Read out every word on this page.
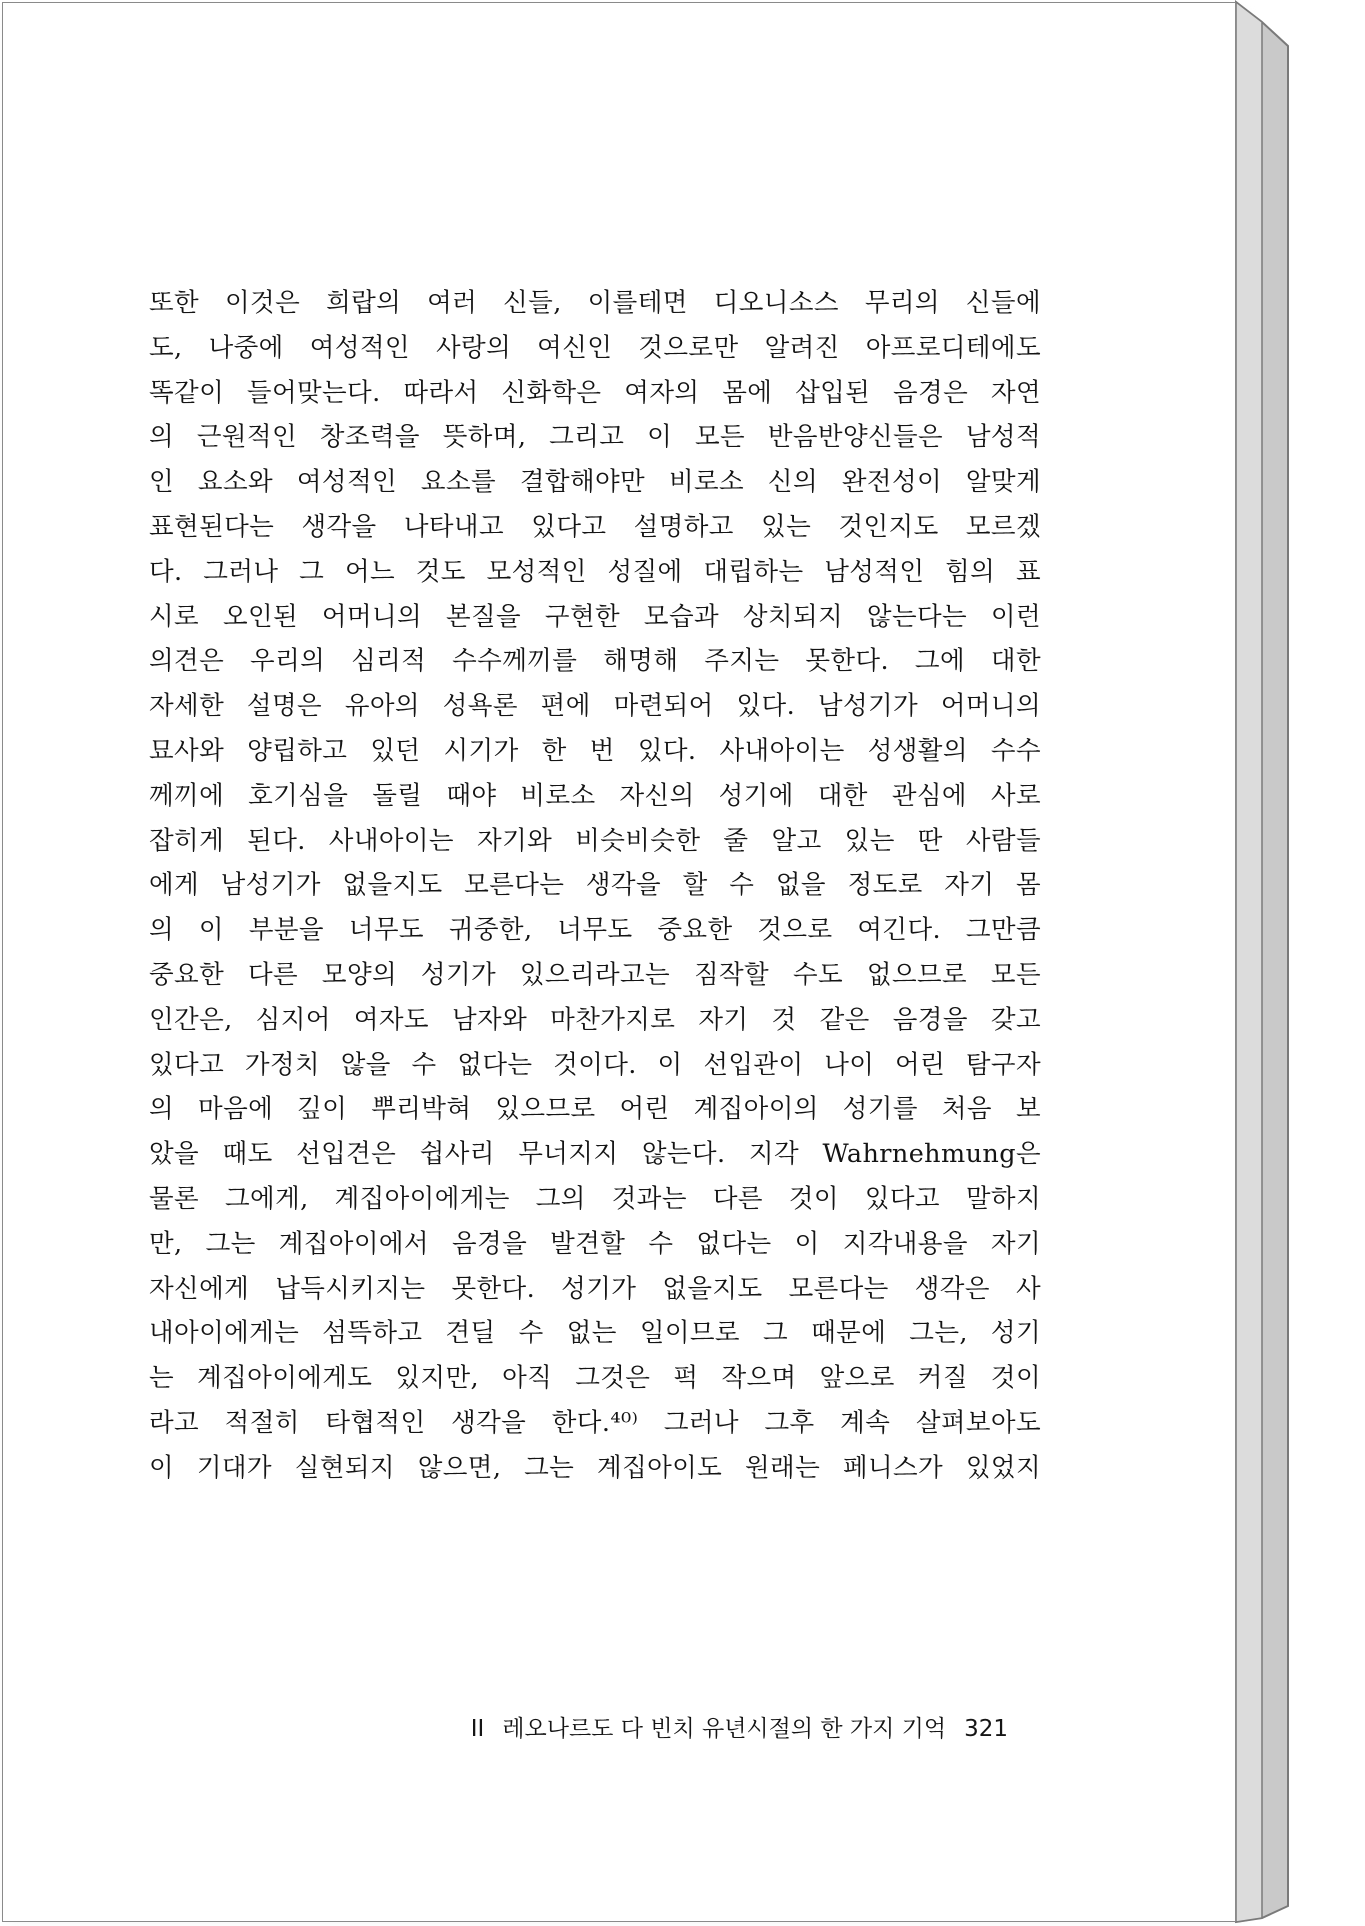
또한 이것은 희랍의 여러 신들, 이를테면 디오니소스 무리의 신들에
도, 나중에 여성적인 사랑의 여신인 것으로만 알려진 아프로디테에도
똑같이 들어맞는다. 따라서 신화학은 여자의 몸에 삽입된 음경은 자연
의 근원적인 창조력을 뜻하며, 그리고 이 모든 반음반양신들은 남성적
인 요소와 여성적인 요소를 결합해야만 비로소 신의 완전성이 알맞게
표현된다는 생각을 나타내고 있다고 설명하고 있는 것인지도 모르겠
다. 그러나 그 어느 것도 모성적인 성질에 대립하는 남성적인 힘의 표
시로 오인된 어머니의 본질을 구현한 모습과 상치되지 않는다는 이런
의견은 우리의 심리적 수수께끼를 해명해 주지는 못한다. 그에 대한
자세한 설명은 유아의 성욕론 편에 마련되어 있다. 남성기가 어머니의
묘사와 양립하고 있던 시기가 한 번 있다. 사내아이는 성생활의 수수
께끼에 호기심을 돌릴 때야 비로소 자신의 성기에 대한 관심에 사로
잡히게 된다. 사내아이는 자기와 비슷비슷한 줄 알고 있는 딴 사람들
에게 남성기가 없을지도 모른다는 생각을 할 수 없을 정도로 자기 몸
의 이 부분을 너무도 귀중한, 너무도 중요한 것으로 여긴다. 그만큼
중요한 다른 모양의 성기가 있으리라고는 짐작할 수도 없으므로 모든
인간은, 심지어 여자도 남자와 마찬가지로 자기 것 같은 음경을 갖고
있다고 가정치 않을 수 없다는 것이다. 이 선입관이 나이 어린 탐구자
의 마음에 깊이 뿌리박혀 있으므로 어린 계집아이의 성기를 처음 보
았을 때도 선입견은 쉽사리 무너지지 않는다. 지각 Wahrnehmung은
물론 그에게, 계집아이에게는 그의 것과는 다른 것이 있다고 말하지
만, 그는 계집아이에서 음경을 발견할 수 없다는 이 지각내용을 자기
자신에게 납득시키지는 못한다. 성기가 없을지도 모른다는 생각은 사
내아이에게는 섬뜩하고 견딜 수 없는 일이므로 그 때문에 그는, 성기
는 계집아이에게도 있지만, 아직 그것은 퍽 작으며 앞으로 커질 것이
라고 적절히 타협적인 생각을 한다.⁴⁰⁾ 그러나 그후 계속 살펴보아도
이 기대가 실현되지 않으면, 그는 계집아이도 원래는 페니스가 있었지
II 레오나르도 다 빈치 유년시절의 한 가지 기억 321
